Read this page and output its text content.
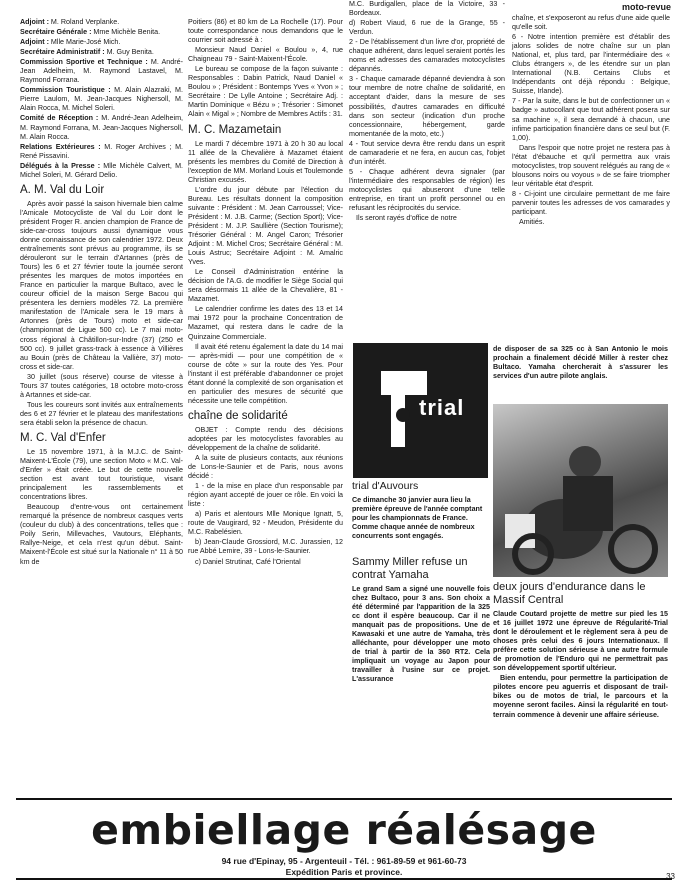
moto-revue
33

Adjoint : M. Roland Verplanke.

Secrétaire Générale : Mme Michèle Benita.

Adjoint : Mlle Marie-José Mich.

Secrétaire Administratif : M. Guy Benita.

Commission Sportive et Technique : M. André-Jean Adelheim, M. Raymond Lastavel, M. Raymond Forrana.

Commission Touristique : M. Alain Alazraki, M. Pierre Laulom, M. Jean-Jacques Nighersoll, M. Alain Rocca, M. Michel Soleri.

Comité de Réception : M. André-Jean Adelheim, M. Raymond Forrana, M. Jean-Jacques Nighersoll, M. Alain Rocca.

Relations Extérieures : M. Roger Archives ; M. René Pissavini.

Délégués à la Presse : Mlle Michèle Calvert, M. Michel Soleri, M. Gérard Delio.

A. M. Val du Loir

Après avoir passé la saison hivernale bien calme l'Amicale Motocycliste de Val du Loir dont le président Froger R. ancien champion de France de side-car-cross toujours aussi dynamique vous donne connaissance de son calendrier 1972. Deux entraînements sont prévus au programme, ils se dérouleront sur le terrain d'Artannes (près de Tours) les 6 et 27 février toute la journée seront présentes les marques de motos importées en France en particulier la marque Bultaco, avec le coureur officiel de la maison Serge Bacou qui présentera les derniers modèles 72. La première manifestation de l'Amicale sera le 19 mars à Artonnes (près de Tours) moto et side-car (championnat de Ligue 500 cc). Le 7 mai moto-cross régional à Châtillon-sur-Indre (37) (250 et 500 cc). 9 juillet grass-track à essence à Villières au Bouin (près de Château la Vallière, 37) moto-cross et side-car.

30 juillet (sous réserve) course de vitesse à Tours 37 toutes catégories, 18 octobre moto-cross à Artannes et side-car.

Tous les coureurs sont invités aux entraînements des 6 et 27 février et le plateau des manifestations sera établi selon la présence de chacun.

M. C. Val d'Enfer

Le 15 novembre 1971, à la M.J.C. de Saint-Maixent-L'École (79), une section Moto « M.C. Val-d'Enfer » était créée. Le but de cette nouvelle section est avant tout touristique, visant principalement les rassemblements et concentrations libres.

Beaucoup d'entre-vous ont certainement remarqué la présence de nombreux casques verts (couleur du club) à des concentrations, telles que : Poily Serin, Millevaches, Vautours, Eléphants, Rallye-Neige, et cela n'est qu'un début. Saint-Maixent-l'École est situé sur la Nationale n° 11 à 50 km de

Poitiers (86) et 80 km de La Rochelle (17). Pour toute correspondance nous demandons que le courrier soit adressé à :

Monsieur Naud Daniel « Boulou », 4, rue Chaigneau 79 - Saint-Maixent-l'École.

Le bureau se compose de la façon suivante : Responsables : Dabin Patrick, Naud Daniel « Boulou » ; Président : Bontemps Yves « Yvon » ; Secrétaire : De Lylle Antoine ; Secrétaire Adj. : Martin Dominique « Bézu » ; Trésorier : Simonet Alain « Migal » ; Nombre de Membres Actifs : 31.

M. C. Mazametain

Le mardi 7 décembre 1971 à 20 h 30 au local 11 allée de la Chevalière à Mazamet étaient présents les membres du Comité de Direction à l'exception de MM. Morland Louis et Toulemonde Christian excusés.

L'ordre du jour débute par l'élection du Bureau. Les résultats donnent la composition suivante : Président : M. Jean Carroussel; Vice-Président : M. J.B. Carme; (Section Sport); Vice-Président : M. J.P. Saullière (Section Tourisme); Trésorier Général : M. Angel Caron; Trésorier Adjoint : M. Michel Cros; Secrétaire Général : M. Louis Astruc; Secrétaire Adjoint : M. Amalric Yves.

Le Conseil d'Administration entérine la décision de l'A.G. de modifier le Siège Social qui sera désormais 11 allée de la Chevalière, 81 - Mazamet.

Le calendrier confirme les dates des 13 et 14 mai 1972 pour la prochaine Concentration de Mazamet, qui restera dans le cadre de la Quinzaine Commerciale.

Il avait été retenu également la date du 14 mai — après-midi — pour une compétition de « course de côte » sur la route des Yes. Pour l'instant il est préférable d'abandonner ce projet étant donné la complexité de son organisation et en particulier des mesures de sécurité que nécessite une telle compétition.

chaîne de solidarité

OBJET : Compte rendu des décisions adoptées par les motocyclistes favorables au développement de la chaîne de solidarité.

A la suite de plusieurs contacts, aux réunions de Lons-le-Saunier et de Paris, nous avons décidé :

1 - de la mise en place d'un responsable par région ayant accepté de jouer ce rôle. En voici la liste :

a) Paris et alentours Mlle Monique Ignatt, 5, route de Vaugirard, 92 - Meudon, Présidente du M.C. Rabelésien.

b) Jean-Claude Grossiord, M.C. Jurassien, 12 rue Abbé Lemire, 39 - Lons-le-Saunier.

c) Daniel Strutinat, Café l'Oriental

M.C. Burdigallen, place de la Victoire, 33 - Bordeaux.

d) Robert Viaud, 6 rue de la Grange, 55 - Verdun.

2 - De l'établissement d'un livre d'or, propriété de chaque adhérent, dans lequel seraient portés les noms et adresses des camarades motocyclistes dépannés.

3 - Chaque camarade dépanné deviendra à son tour membre de notre chaîne de solidarité, en acceptant d'aider, dans la mesure de ses possibilités, d'autres camarades en difficulté dans son secteur (indication d'un proche concessionnaire, hébergement, garde momentanée de la moto, etc.)

4 - Tout service devra être rendu dans un esprit de camaraderie et ne fera, en aucun cas, l'objet d'un intérêt.

5 - Chaque adhérent devra signaler (par l'intermédiaire des responsables de région) les motocyclistes qui abuseront d'une telle entreprise, en tirant un profit personnel ou en refusant les réciprocités du service.

Ils seront rayés d'office de notre

chaîne, et s'exposeront au refus d'une aide quelle qu'elle soit.

6 - Notre intention première est d'établir des jalons solides de notre chaîne sur un plan National, et, plus tard, par l'intermédiaire des « Clubs étrangers », de les étendre sur un plan International (N.B. Certains Clubs et Indépendants ont déjà répondu : Belgique, Suisse, Irlande).

7 - Par la suite, dans le but de confectionner un « badge » autocollant que tout adhérent posera sur sa machine », il sera demandé à chacun, une infime participation financière dans ce seul but (F. 1,00).

Dans l'espoir que notre projet ne restera pas à l'état d'ébauche et qu'il permettra aux vrais motocyclistes, trop souvent relégués au rang de « blousons noirs ou voyous » de se faire triompher leur véritable état d'esprit.

8 - Ci-joint une circulaire permettant de me faire parvenir toutes les adresses de vos camarades y participant.

Amitiés.

trial
trial d'Auvours

Ce dimanche 30 janvier aura lieu la première épreuve de l'année comptant pour les championnats de France. Comme chaque année de nombreux concurrents sont engagés.

Sammy Miller refuse un contrat Yamaha

Le grand Sam a signé une nouvelle fois chez Bultaco, pour 3 ans. Son choix a été déterminé par l'apparition de la 325 cc dont il espère beaucoup. Car il ne manquait pas de propositions. Une de Kawasaki et une autre de Yamaha, très alléchante, pour développer une moto de trial à partir de la 360 RT2. Cela impliquait un voyage au Japon pour travailler à l'usine sur ce projet. L'assurance

de disposer de sa 325 cc à San Antonio le mois prochain a finalement décidé Miller à rester chez Bultaco. Yamaha chercherait à s'assurer les services d'un autre pilote anglais.

deux jours d'endurance dans le Massif Central

Claude Coutard projette de mettre sur pied les 15 et 16 juillet 1972 une épreuve de Régularité-Trial dont le déroulement et le règlement sera à peu de choses près celui des 6 jours Internationaux. Il préfère cette solution sérieuse à une autre formule de promotion de l'Enduro qui ne permettrait pas son développement sportif ultérieur.

Bien entendu, pour permettre la participation de pilotes encore peu aguerris et disposant de trail-bikes ou de motos de trial, le parcours et la moyenne seront faciles. Ainsi la régularité en tout-terrain commence à devenir une affaire sérieuse.

embiellage réalésage
94 rue d'Epinay, 95 - Argenteuil - Tél. : 961-89-59 et 961-60-73
Expédition Paris et province.
